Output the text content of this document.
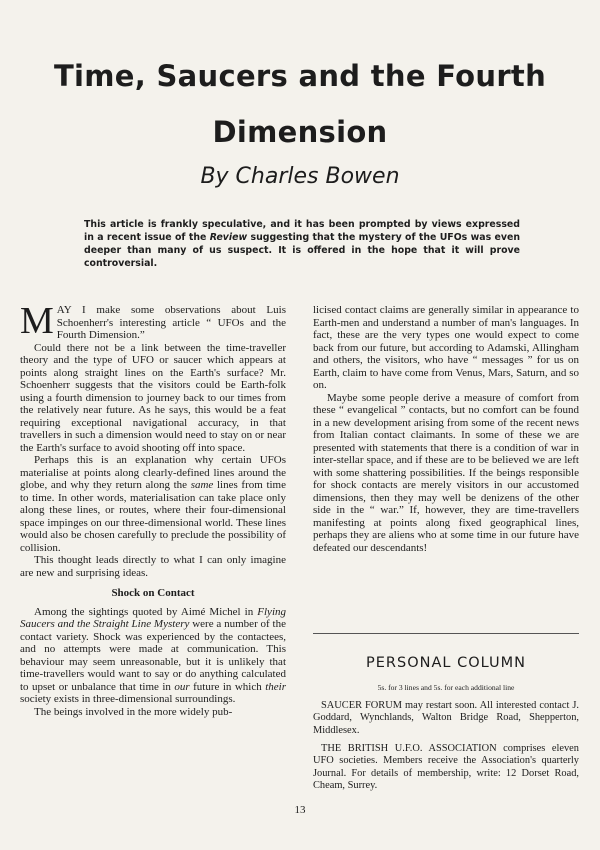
Time, Saucers and the Fourth
Dimension
By Charles Bowen
This article is frankly speculative, and it has been prompted by views expressed in a recent issue of the Review suggesting that the mystery of the UFOs was even deeper than many of us suspect. It is offered in the hope that it will prove controversial.

MAY I make some observations about Luis Schoenherr's interesting article “ UFOs and the Fourth Dimension.”

Could there not be a link between the time-traveller theory and the type of UFO or saucer which appears at points along straight lines on the Earth's surface? Mr. Schoenherr suggests that the visitors could be Earth-folk using a fourth dimension to journey back to our times from the relatively near future. As he says, this would be a feat requiring exceptional navigational accuracy, in that travellers in such a dimension would need to stay on or near the Earth's surface to avoid shooting off into space.

Perhaps this is an explanation why certain UFOs materialise at points along clearly-defined lines around the globe, and why they return along the same lines from time to time. In other words, materialisation can take place only along these lines, or routes, where their four-dimensional space impinges on our three-dimensional world. These lines would also be chosen carefully to preclude the possibility of collision.

This thought leads directly to what I can only imagine are new and surprising ideas.

Shock on Contact

Among the sightings quoted by Aimé Michel in Flying Saucers and the Straight Line Mystery were a number of the contact variety. Shock was experienced by the contactees, and no attempts were made at communication. This behaviour may seem unreasonable, but it is unlikely that time-travellers would want to say or do anything calculated to upset or unbalance that time in our future in which their society exists in three-dimensional surroundings.

The beings involved in the more widely pub-

licised contact claims are generally similar in appearance to Earth-men and understand a number of man's languages. In fact, these are the very types one would expect to come back from our future, but according to Adamski, Allingham and others, the visitors, who have “ messages ” for us on Earth, claim to have come from Venus, Mars, Saturn, and so on.

Maybe some people derive a measure of comfort from these “ evangelical ” contacts, but no comfort can be found in a new development arising from some of the recent news from Italian contact claimants. In some of these we are presented with statements that there is a condition of war in inter-stellar space, and if these are to be believed we are left with some shattering possibilities. If the beings responsible for shock contacts are merely visitors in our accustomed dimensions, then they may well be denizens of the other side in the “ war.” If, however, they are time-travellers manifesting at points along fixed geographical lines, perhaps they are aliens who at some time in our future have defeated our descendants!

PERSONAL COLUMN
5s. for 3 lines and 5s. for each additional line

SAUCER FORUM may restart soon. All interested contact J. Goddard, Wynchlands, Walton Bridge Road, Shepperton, Middlesex.

THE BRITISH U.F.O. ASSOCIATION comprises eleven UFO societies. Members receive the Association's quarterly Journal. For details of membership, write: 12 Dorset Road, Cheam, Surrey.

13
